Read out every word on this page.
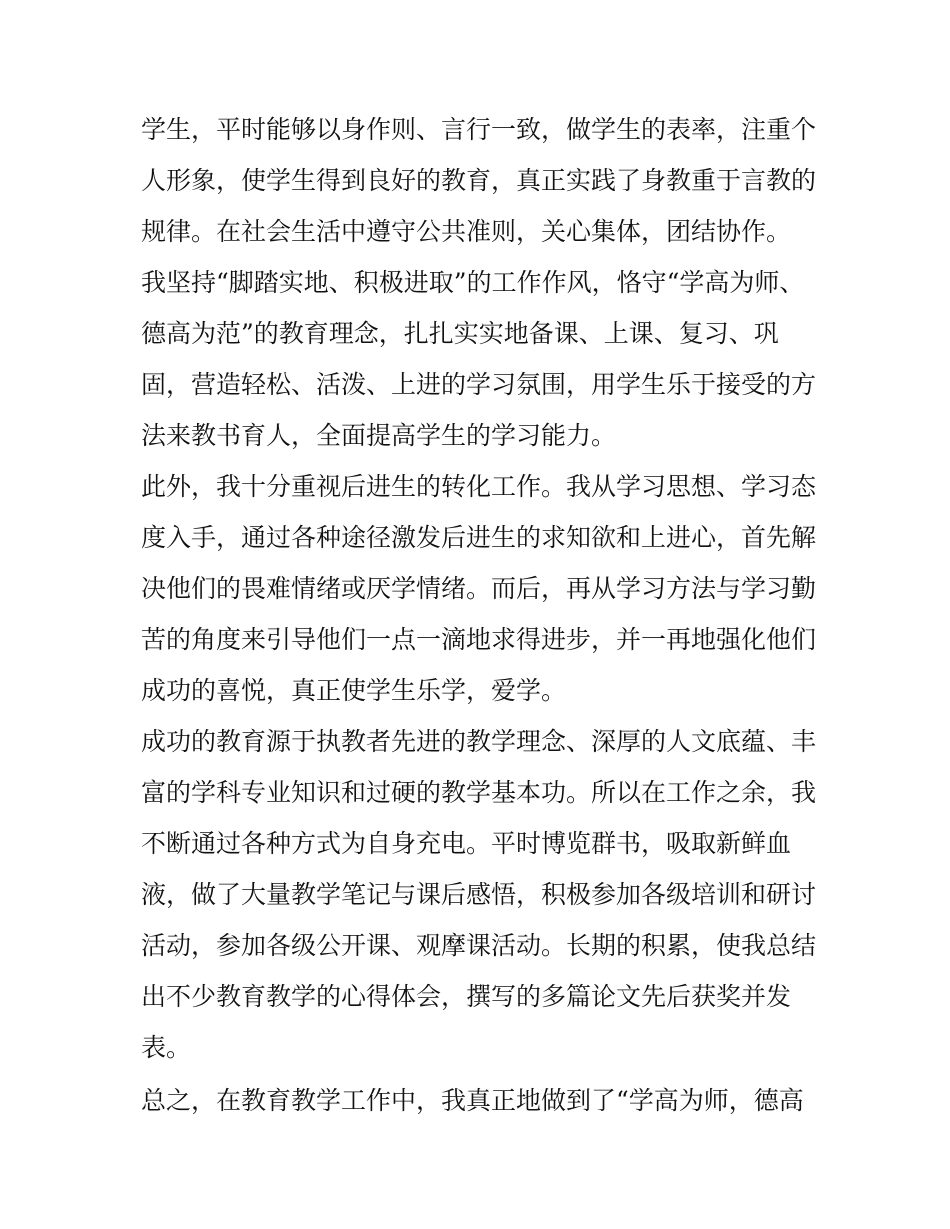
学生，平时能够以身作则、言行一致，做学生的表率，注重个
人形象，使学生得到良好的教育，真正实践了身教重于言教的
规律。在社会生活中遵守公共准则，关心集体，团结协作。
我坚持“脚踏实地、积极进取”的工作作风，恪守“学高为师、
德高为范”的教育理念，扎扎实实地备课、上课、复习、巩
固，营造轻松、活泼、上进的学习氛围，用学生乐于接受的方
法来教书育人，全面提高学生的学习能力。
此外，我十分重视后进生的转化工作。我从学习思想、学习态
度入手，通过各种途径激发后进生的求知欲和上进心，首先解
决他们的畏难情绪或厌学情绪。而后，再从学习方法与学习勤
苦的角度来引导他们一点一滴地求得进步，并一再地强化他们
成功的喜悦，真正使学生乐学，爱学。
成功的教育源于执教者先进的教学理念、深厚的人文底蕴、丰
富的学科专业知识和过硬的教学基本功。所以在工作之余，我
不断通过各种方式为自身充电。平时博览群书，吸取新鲜血
液，做了大量教学笔记与课后感悟，积极参加各级培训和研讨
活动，参加各级公开课、观摩课活动。长期的积累，使我总结
出不少教育教学的心得体会，撰写的多篇论文先后获奖并发
表。
总之，在教育教学工作中，我真正地做到了“学高为师，德高
